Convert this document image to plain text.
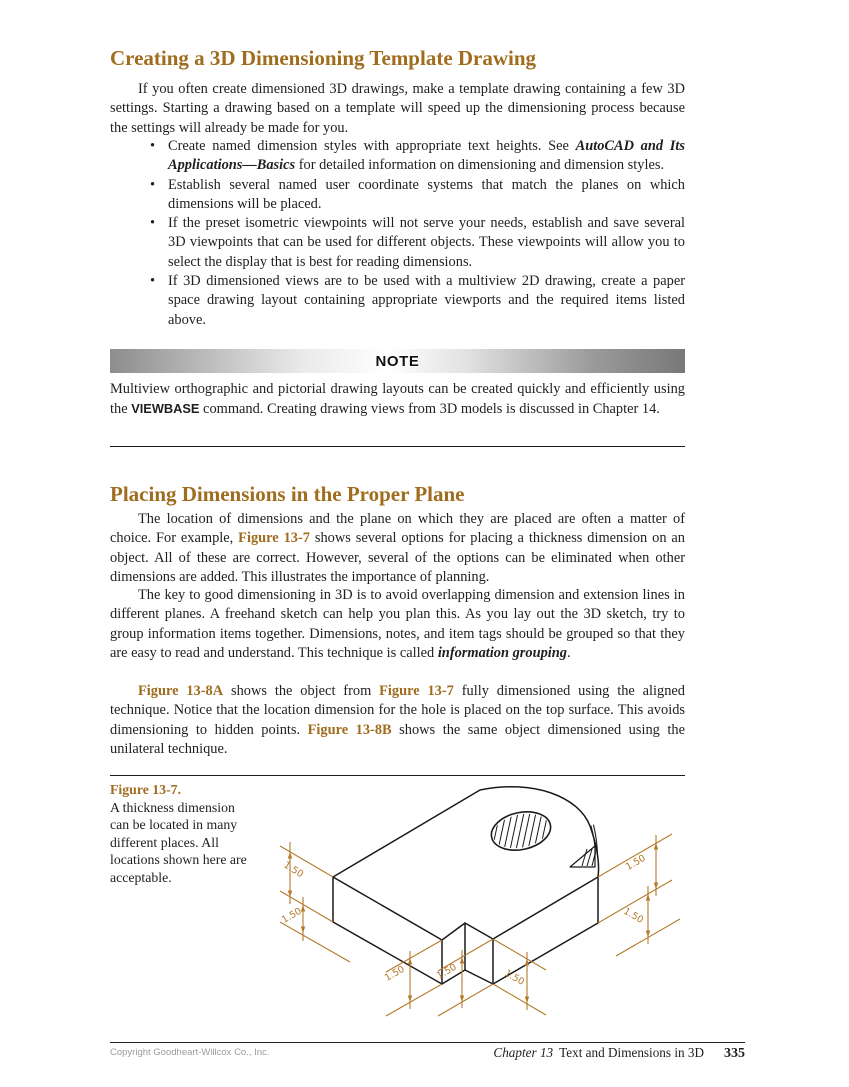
Creating a 3D Dimensioning Template Drawing

If you often create dimensioned 3D drawings, make a template drawing containing a few 3D settings. Starting a drawing based on a template will speed up the dimensioning process because the settings will already be made for you.

• Create named dimension styles with appropriate text heights. See AutoCAD and Its Applications—Basics for detailed information on dimensioning and dimension styles.
• Establish several named user coordinate systems that match the planes on which dimensions will be placed.
• If the preset isometric viewpoints will not serve your needs, establish and save several 3D viewpoints that can be used for different objects. These viewpoints will allow you to select the display that is best for reading dimensions.
• If 3D dimensioned views are to be used with a multiview 2D drawing, create a paper space drawing layout containing appropriate viewports and the required items listed above.
NOTE

Multiview orthographic and pictorial drawing layouts can be created quickly and efficiently using the VIEWBASE command. Creating drawing views from 3D models is discussed in Chapter 14.

Placing Dimensions in the Proper Plane

The location of dimensions and the plane on which they are placed are often a matter of choice. For example, Figure 13-7 shows several options for placing a thickness dimension on an object. All of these are correct. However, several of the options can be eliminated when other dimensions are added. This illustrates the importance of planning.

The key to good dimensioning in 3D is to avoid overlapping dimension and extension lines in different planes. A freehand sketch can help you plan this. As you lay out the 3D sketch, try to group information items together. Dimensions, notes, and item tags should be grouped so that they are easy to read and understand. This technique is called information grouping.

Figure 13-8A shows the object from Figure 13-7 fully dimensioned using the aligned technique. Notice that the location dimension for the hole is placed on the top surface. This avoids dimensioning to hidden points. Figure 13-8B shows the same object dimensioned using the unilateral technique.

Figure 13-7.
A thickness dimension can be located in many different places. All locations shown here are acceptable.	1.50
1.50
1.50
1.50
1.50	1.50	1.50
Copyright Goodheart-Willcox Co., Inc.	Chapter 13 Text and Dimensions in 3D 335
